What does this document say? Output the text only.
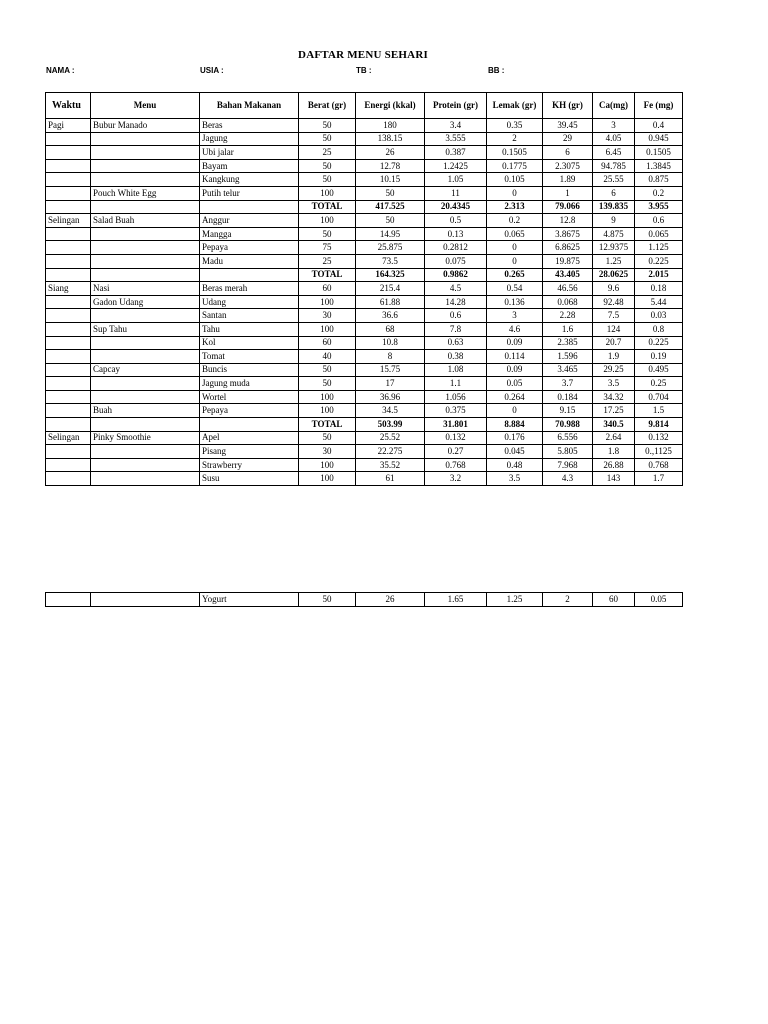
DAFTAR MENU SEHARI
NAMA :	USIA :	TB :	BB :
Waktu	Menu	Bahan Makanan	Berat (gr)	Energi (kkal)	Protein (gr)	Lemak (gr)	KH (gr)	Ca(mg)	Fe (mg)
Pagi	Bubur Manado	Beras	50	180	3.4	0.35	39.45	3	0.4
		Jagung	50	138.15	3.555	2	29	4.05	0.945
		Ubi jalar	25	26	0.387	0.1505	6	6.45	0.1505
		Bayam	50	12.78	1.2425	0.1775	2.3075	94.785	1.3845
		Kangkung	50	10.15	1.05	0.105	1.89	25.55	0.875
	Pouch White Egg	Putih telur	100	50	11	0	1	6	0.2
			TOTAL	417.525	20.4345	2.313	79.066	139.835	3.955
Selingan	Salad Buah	Anggur	100	50	0.5	0.2	12.8	9	0.6
		Mangga	50	14.95	0.13	0.065	3.8675	4.875	0.065
		Pepaya	75	25.875	0.2812	0	6.8625	12.9375	1.125
		Madu	25	73.5	0.075	0	19.875	1.25	0.225
			TOTAL	164.325	0.9862	0.265	43.405	28.0625	2.015
Siang	Nasi	Beras merah	60	215.4	4.5	0.54	46.56	9.6	0.18
	Gadon Udang	Udang	100	61.88	14.28	0.136	0.068	92.48	5.44
		Santan	30	36.6	0.6	3	2.28	7.5	0.03
	Sup Tahu	Tahu	100	68	7.8	4.6	1.6	124	0.8
		Kol	60	10.8	0.63	0.09	2.385	20.7	0.225
		Tomat	40	8	0.38	0.114	1.596	1.9	0.19
	Capcay	Buncis	50	15.75	1.08	0.09	3.465	29.25	0.495
		Jagung muda	50	17	1.1	0.05	3.7	3.5	0.25
		Wortel	100	36.96	1.056	0.264	0.184	34.32	0.704
	Buah	Pepaya	100	34.5	0.375	0	9.15	17.25	1.5
			TOTAL	503.99	31.801	8.884	70.988	340.5	9.814
Selingan	Pinky Smoothie	Apel	50	25.52	0.132	0.176	6.556	2.64	0.132
		Pisang	30	22.275	0.27	0.045	5.805	1.8	0.,1125
		Strawberry	100	35.52	0.768	0.48	7.968	26.88	0.768
		Susu	100	61	3.2	3.5	4.3	143	1.7
		Yogurt	50	26	1.65	1.25	2	60	0.05
